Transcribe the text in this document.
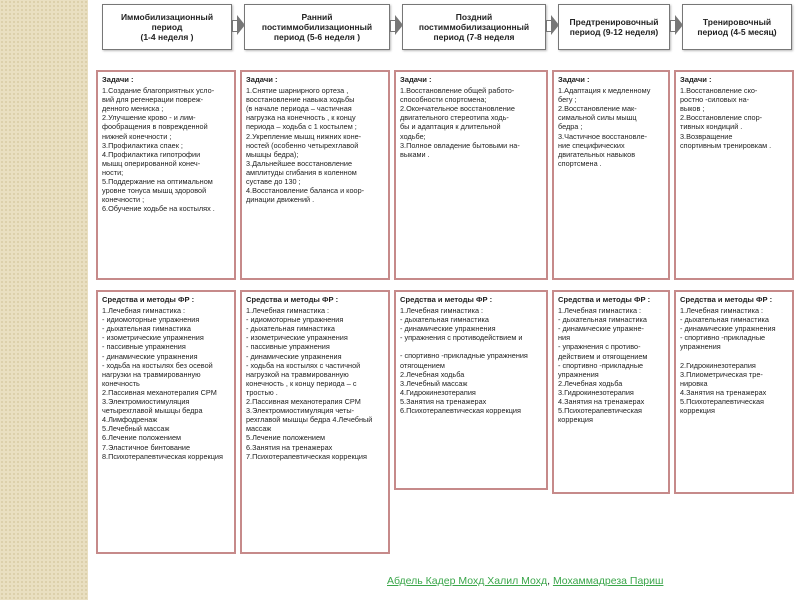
Иммобилизационный
период
(1-4 неделя )
Ранний
постиммобилизационный
период (5-6 неделя )
Поздний
постиммобилизационный
период (7-8 неделя
Предтренировочный
период (9-12 неделя)
Тренировочный
период (4-5 месяц)
Задачи :
1.Создание благоприятных усло-
вий для регенерации повреж-
денного мениска ;
2.Улучшение крово - и лим-
фообращения в поврежденной
нижней конечности ;
3.Профилактика спаек ;
4.Профилактика гипотрофии
мышц оперированной конеч-
ности;
5.Поддержание на оптимальном
уровне тонуса мышц здоровой
конечности ;
6.Обучение ходьбе на костылях .
Задачи :
1.Снятие шарнирного ортеза ,
восстановление навыка ходьбы
(в начале периода – частичная
нагрузка на конечность , к концу
периода – ходьба с 1 костылем ;
2.Укрепление мышц нижних коне-
ностей (особенно четырехглавой
мышцы бедра);
3.Дальнейшее восстановление
амплитуды сгибания в коленном
суставе до 130 ;
4.Восстановление баланса и коор-
динации движений .
Задачи :
1.Восстановление общей работо-
способности спортсмена;
2.Окончательное восстановление
двигательного стереотипа ходь-
бы и адаптация к длительной
ходьбе;
3.Полное овладение бытовыми на-
выками .
Задачи :
1.Адаптация к медленному
бегу ;
2.Восстановление мак-
симальной силы мышц
бедра ;
3.Частичное восстановле-
ние специфических
двигательных навыков
спортсмена .
Задачи :
1.Восстановление ско-
ростно -силовых на-
выков ;
2.Восстановление спор-
тивных кондиций .
3.Возвращение
спортивным тренировкам .
Средства и методы ФР :
1.Лечебная гимнастика :
- идиомоторные упражнения
- дыхательная гимнастика
- изометрические упражнения
- пассивные упражнения
- динамические упражнения
- ходьба на костылях без осевой
нагрузки на травмированную
конечность
2.Пассивная механотерапия CPM
3.Электромиостимуляция
четырехглавой мышцы бедра
4.Лимфодренаж
5.Лечебный массаж
6.Лечение положением
7.Эластичное бинтование
8.Психотерапевтическая коррекция
Средства и методы ФР :
1.Лечебная гимнастика :
- идиомоторные упражнения
- дыхательная гимнастика
- изометрические упражнения
- пассивные упражнения
- динамические упражнения
- ходьба на костылях с частичной
нагрузкой на травмированную
конечность , к концу периода – с
тростью .
2.Пассивная механотерапия CPM
3.Электромиостимуляция четы-
рехглавой мышцы бедра 4.Лечебный
массаж
5.Лечение положением
6.Занятия на тренажерах
7.Психотерапевтическая коррекция
Средства и методы ФР :
1.Лечебная гимнастика :
- дыхательная гимнастика
- динамические упражнения
- упражнения с противодействием и
- спортивно -прикладные упражнения
отягощением
2.Лечебная ходьба
3.Лечебный массаж
4.Гидрокинезотерапия
5.Занятия на тренажерах
6.Психотерапевтическая коррекция
Средства и методы ФР :
1.Лечебная гимнастика :
- дыхательная гимнастика
- динамические упражне-
ния
- упражнения с противо-
действием и отягощением
- спортивно -прикладные
упражнения
2.Лечебная ходьба
3.Гидрокинезотерапия
4.Занятия на тренажерах
5.Психотерапевтическая
коррекция
Средства и методы ФР :
1.Лечебная гимнастика :
- дыхательная гимнастика
- динамические упражнения
- спортивно -прикладные
упражнения
2.Гидрокинезотерапия
3.Плиометрическая тре-
нировка
4.Занятия на тренажерах
5.Психотерапевтическая
коррекция
Абдель Кадер Мохд Халил Мохд, Мохаммадреза Париш
